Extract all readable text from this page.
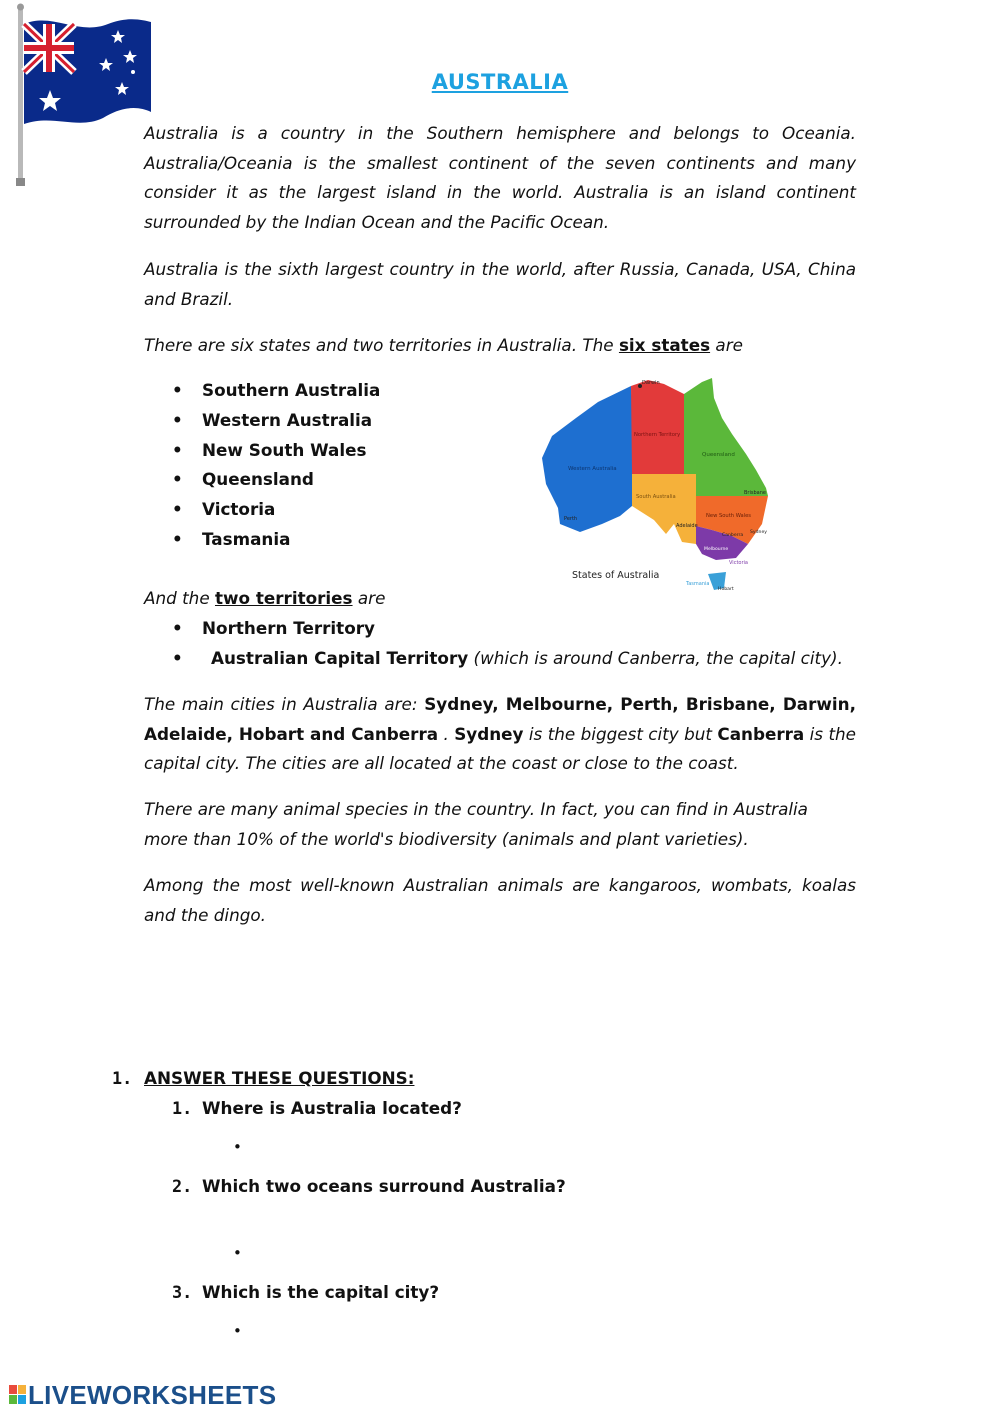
AUSTRALIA

Australia is a country in the Southern hemisphere and belongs to Oceania. Australia/Oceania is the smallest continent of the seven continents and many consider it as the largest island in the world. Australia is an island continent surrounded by the Indian Ocean and the Pacific Ocean.

Australia is the sixth largest country in the world, after Russia, Canada, USA, China and Brazil.

There are six states and two territories in Australia. The six states are

• Southern Australia
• Western Australia
• New South Wales
• Queensland
• Victoria
• Tasmania
Darwin
Northern Territory
Queensland
Western Australia
South Australia
New South Wales
Brisbane
Perth
Adelaide
Canberra
Sydney
Melbourne
Victoria
Tasmania
Hobart
States of Australia

And the two territories are

• Northern Territory
• Australian Capital Territory (which is around Canberra, the capital city).

The main cities in Australia are: Sydney, Melbourne, Perth, Brisbane, Darwin, Adelaide, Hobart and Canberra . Sydney is the biggest city but Canberra is the capital city. The cities are all located at the coast or close to the coast.

There are many animal species in the country. In fact, you can find in Australia more than 10% of the world's biodiversity (animals and plant varieties).

Among the most well-known Australian animals are kangaroos, wombats, koalas and the dingo.

1. ANSWER THESE QUESTIONS:
1. Where is Australia located?
•
2. Which two oceans surround Australia?
•
3. Which is the capital city?
•
LIVEWORKSHEETS
